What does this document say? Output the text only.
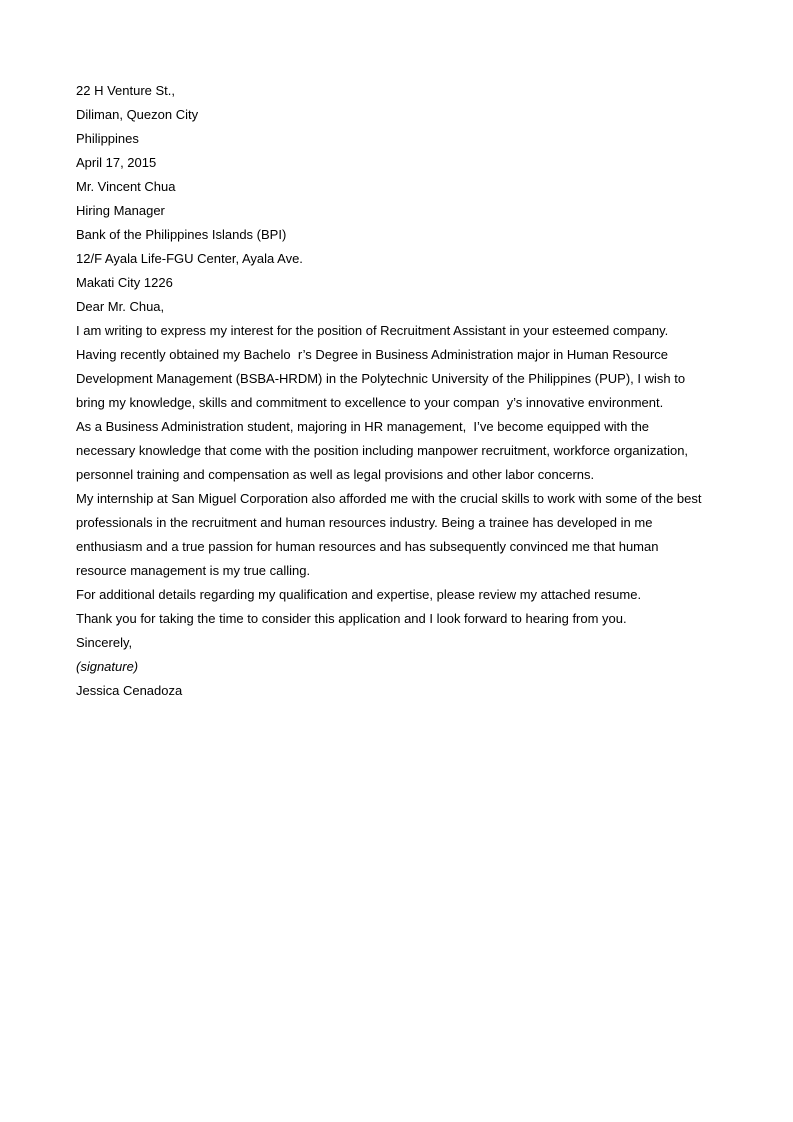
22 H Venture St.,
Diliman, Quezon City
Philippines
April 17, 2015
Mr. Vincent Chua
Hiring Manager
Bank of the Philippines Islands (BPI)
12/F Ayala Life-FGU Center, Ayala Ave.
Makati City 1226
Dear Mr. Chua,
I am writing to express my interest for the position of Recruitment Assistant in your esteemed company.
Having recently obtained my Bachelo  r’s Degree in Business Administration major in Human Resource
Development Management (BSBA-HRDM) in the Polytechnic University of the Philippines (PUP), I wish to
bring my knowledge, skills and commitment to excellence to your compan  y’s innovative environment.
As a Business Administration student, majoring in HR management,  I’ve become equipped with the
necessary knowledge that come with the position including manpower recruitment, workforce organization,
personnel training and compensation as well as legal provisions and other labor concerns.
My internship at San Miguel Corporation also afforded me with the crucial skills to work with some of the best
professionals in the recruitment and human resources industry. Being a trainee has developed in me
enthusiasm and a true passion for human resources and has subsequently convinced me that human
resource management is my true calling.
For additional details regarding my qualification and expertise, please review my attached resume.
Thank you for taking the time to consider this application and I look forward to hearing from you.
Sincerely,
(signature)
Jessica Cenadoza
